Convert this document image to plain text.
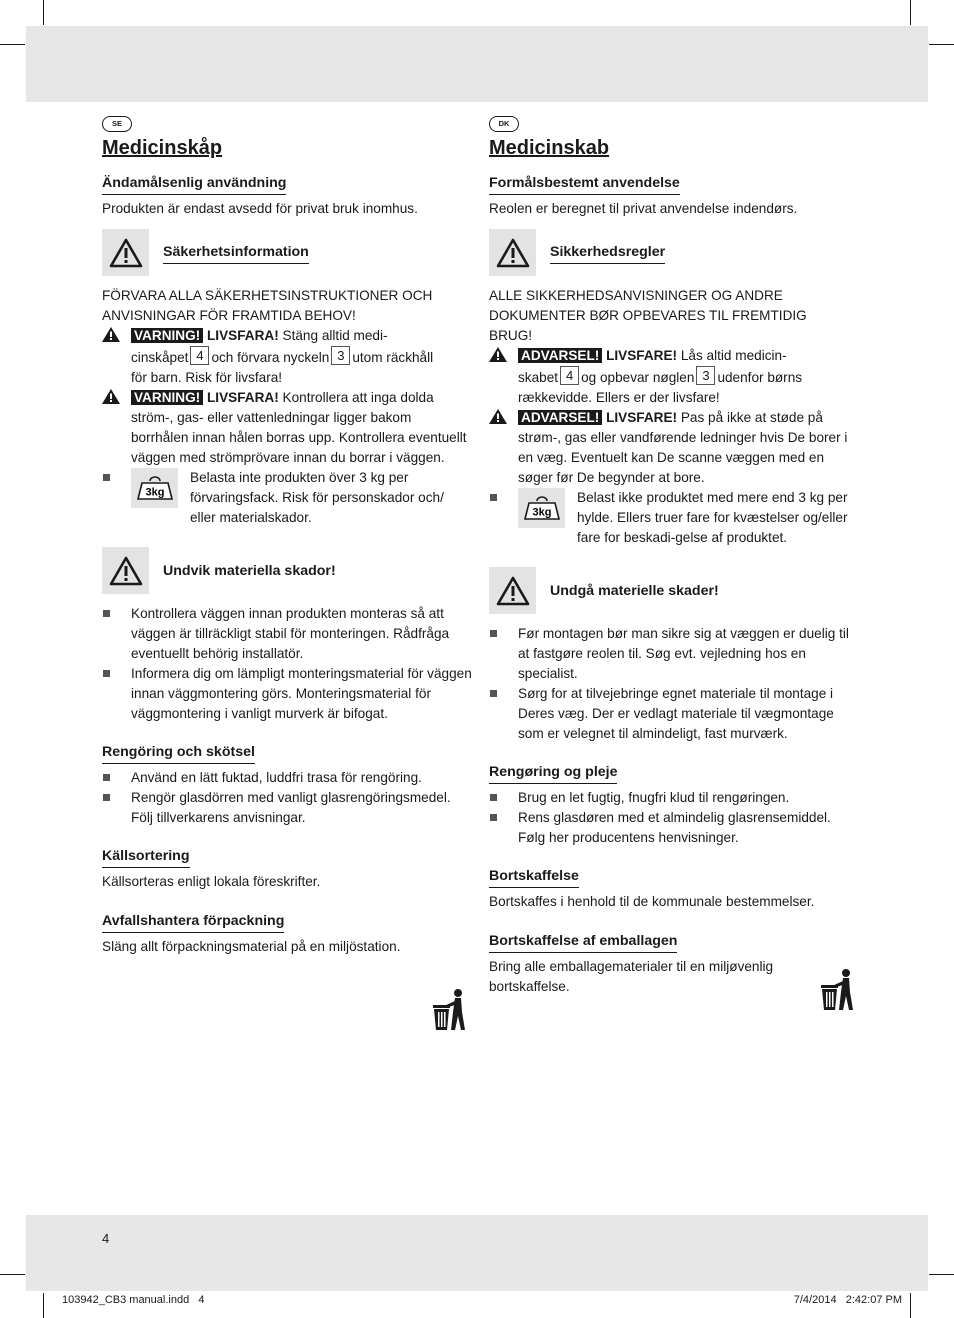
SE
Medicinskåp
Ändamålsenlig användning

Produkten är endast avsedd för privat bruk inomhus.

Säkerhetsinformation

FÖRVARA ALLA SÄKERHETSINSTRUKTIONER OCH
ANVISNINGAR FÖR FRAMTIDA BEHOV!

VARNING! LIVSFARA! Stäng alltid medi-
cinskåpet 4 och förvara nyckeln 3 utom räckhåll
för barn. Risk för livsfara!
VARNING! LIVSFARA! Kontrollera att inga dolda ström-, gas- eller vattenledningar ligger bakom borrhålen innan hålen borras upp. Kontrollera eventuellt väggen med strömprövare innan du borrar i väggen.
3kg
Belasta inte produkten över 3 kg per förvaringsfack. Risk för personskador och/ eller materialskador.
Undvik materiella skador!
Kontrollera väggen innan produkten monteras så att väggen är tillräckligt stabil för monteringen. Rådfråga eventuellt behörig installatör.
Informera dig om lämpligt monteringsmaterial för väggen innan väggmontering görs. Monteringsmaterial för väggmontering i vanligt murverk är bifogat.
Rengöring och skötsel
Använd en lätt fuktad, luddfri trasa för rengöring.
Rengör glasdörren med vanligt glasrengöringsmedel. Följ tillverkarens anvisningar.
Källsortering

Källsorteras enligt lokala föreskrifter.

Avfallshantera förpackning

Släng allt förpackningsmaterial på en miljöstation.

DK
Medicinskab
Formålsbestemt anvendelse

Reolen er beregnet til privat anvendelse indendørs.

Sikkerhedsregler

ALLE SIKKERHEDSANVISNINGER OG ANDRE
DOKUMENTER BØR OPBEVARES TIL FREMTIDIG
BRUG!

ADVARSEL! LIVSFARE! Lås altid medicin-
skabet 4 og opbevar nøglen 3 udenfor børns
rækkevidde. Ellers er der livsfare!
ADVARSEL! LIVSFARE! Pas på ikke at støde på strøm-, gas eller vandførende ledninger hvis De borer i en væg. Eventuelt kan De scanne væggen med en søger før De begynder at bore.
3kg
Belast ikke produktet med mere end 3 kg per hylde. Ellers truer fare for kvæstelser og/eller fare for beskadi-gelse af produktet.
Undgå materielle skader!
Før montagen bør man sikre sig at væggen er duelig til at fastgøre reolen til. Søg evt. vejledning hos en specialist.
Sørg for at tilvejebringe egnet materiale til montage i Deres væg. Der er vedlagt materiale til vægmontage som er velegnet til almindeligt, fast murværk.
Rengøring og pleje
Brug en let fugtig, fnugfri klud til rengøringen.
Rens glasdøren med et almindelig glasrensemiddel. Følg her producentens henvisninger.
Bortskaffelse

Bortskaffes i henhold til de kommunale bestemmelser.

Bortskaffelse af emballagen

Bring alle emballagematerialer til en miljøvenlig bortskaffelse.

4
103942_CB3 manual.indd   4	7/4/2014   2:42:07 PM
